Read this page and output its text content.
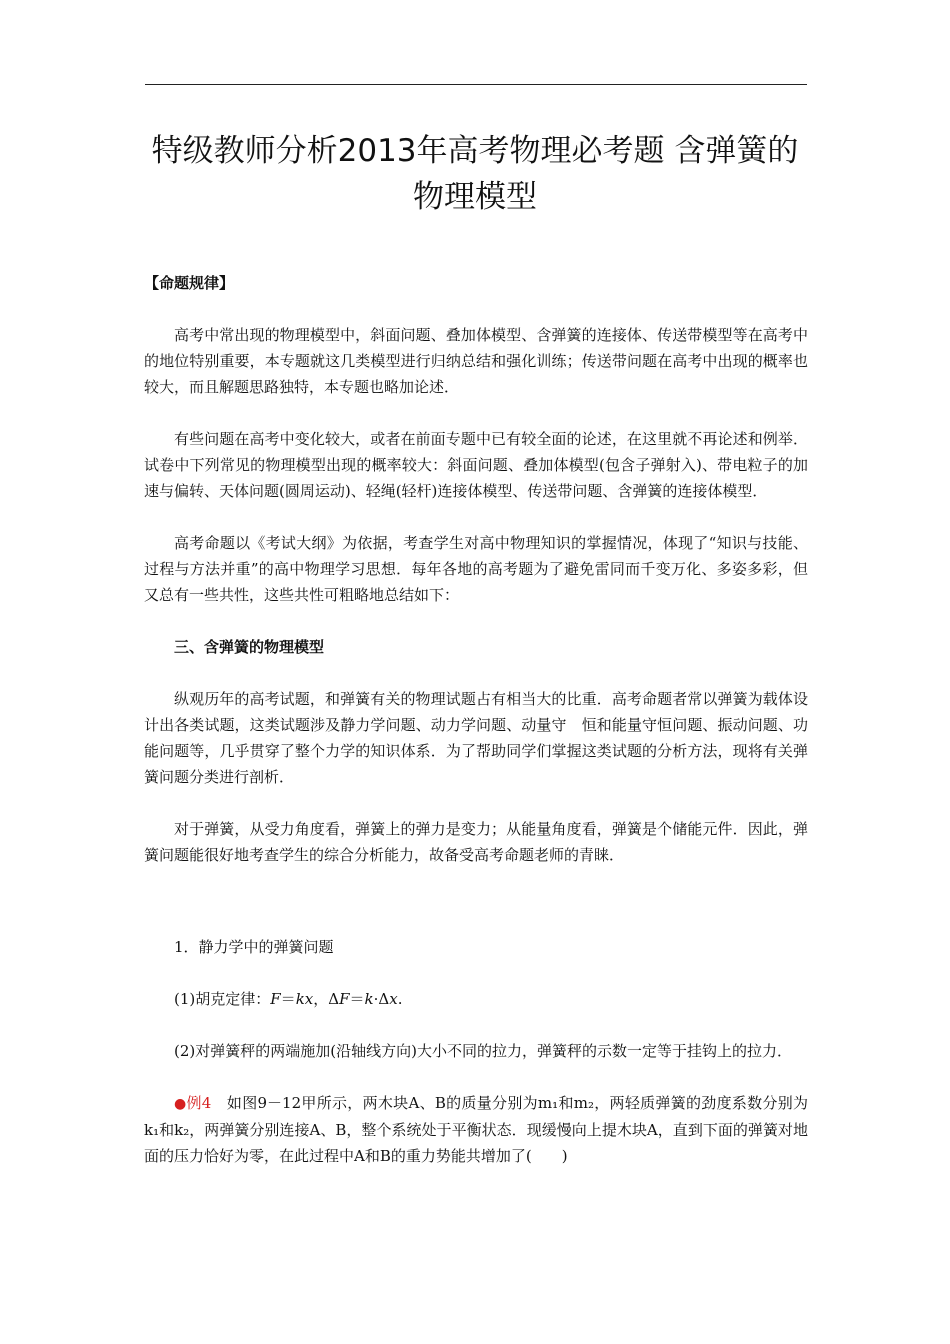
特级教师分析2013年高考物理必考题 含弹簧的
物理模型
【命题规律】

高考中常出现的物理模型中，斜面问题、叠加体模型、含弹簧的连接体、传送带模型等在高考中的地位特别重要，本专题就这几类模型进行归纳总结和强化训练；传送带问题在高考中出现的概率也较大，而且解题思路独特，本专题也略加论述．

有些问题在高考中变化较大，或者在前面专题中已有较全面的论述，在这里就不再论述和例举．试卷中下列常见的物理模型出现的概率较大：斜面问题、叠加体模型(包含子弹射入)、带电粒子的加速与偏转、天体问题(圆周运动)、轻绳(轻杆)连接体模型、传送带问题、含弹簧的连接体模型．

高考命题以《考试大纲》为依据，考查学生对高中物理知识的掌握情况，体现了“知识与技能、过程与方法并重”的高中物理学习思想．每年各地的高考题为了避免雷同而千变万化、多姿多彩，但又总有一些共性，这些共性可粗略地总结如下：

三、含弹簧的物理模型

纵观历年的高考试题，和弹簧有关的物理试题占有相当大的比重．高考命题者常以弹簧为载体设计出各类试题，这类试题涉及静力学问题、动力学问题、动量守　恒和能量守恒问题、振动问题、功能问题等，几乎贯穿了整个力学的知识体系．为了帮助同学们掌握这类试题的分析方法，现将有关弹簧问题分类进行剖析．

对于弹簧，从受力角度看，弹簧上的弹力是变力；从能量角度看，弹簧是个储能元件．因此，弹簧问题能很好地考查学生的综合分析能力，故备受高考命题老师的青睐．

1．静力学中的弹簧问题

(1)胡克定律：F＝kx，ΔF＝k·Δx.

(2)对弹簧秤的两端施加(沿轴线方向)大小不同的拉力，弹簧秤的示数一定等于挂钩上的拉力．

●例4　如图9－12甲所示，两木块A、B的质量分别为m₁和m₂，两轻质弹簧的劲度系数分别为k₁和k₂，两弹簧分别连接A、B，整个系统处于平衡状态．现缓慢向上提木块A，直到下面的弹簧对地面的压力恰好为零，在此过程中A和B的重力势能共增加了(　　)
